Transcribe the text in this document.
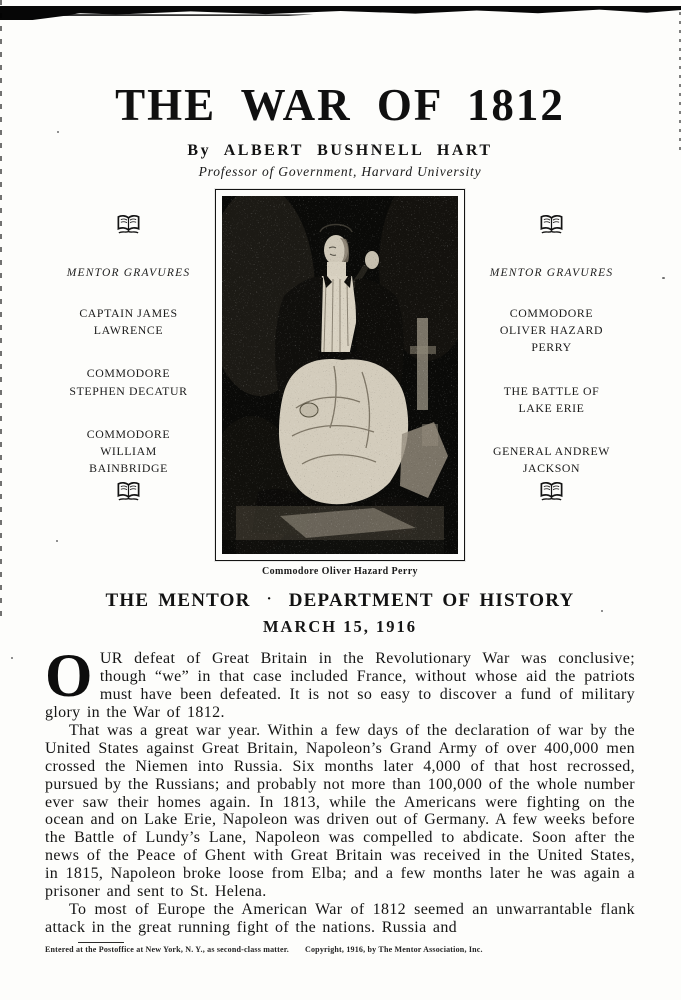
THE WAR OF 1812
By ALBERT BUSHNELL HART
Professor of Government, Harvard University
MENTOR GRAVURES
CAPTAIN JAMES LAWRENCE
COMMODORE STEPHEN DECATUR
COMMODORE WILLIAM BAINBRIDGE
Commodore Oliver Hazard Perry
MENTOR GRAVURES
COMMODORE OLIVER HAZARD PERRY
THE BATTLE OF LAKE ERIE
GENERAL ANDREW JACKSON
THE MENTOR · DEPARTMENT OF HISTORY
MARCH 15, 1916

OUR defeat of Great Britain in the Revolutionary War was conclusive; though “we” in that case included France, without whose aid the patriots must have been defeated. It is not so easy to discover a fund of military glory in the War of 1812.

That was a great war year. Within a few days of the declaration of war by the United States against Great Britain, Napoleon’s Grand Army of over 400,000 men crossed the Niemen into Russia. Six months later 4,000 of that host recrossed, pursued by the Russians; and probably not more than 100,000 of the whole number ever saw their homes again. In 1813, while the Americans were fighting on the ocean and on Lake Erie, Napoleon was driven out of Germany. A few weeks before the Battle of Lundy’s Lane, Napoleon was compelled to abdicate. Soon after the news of the Peace of Ghent with Great Britain was received in the United States, in 1815, Napoleon broke loose from Elba; and a few months later he was again a prisoner and sent to St. Helena.

To most of Europe the American War of 1812 seemed an unwarrantable flank attack in the great running fight of the nations. Russia and

Entered at the Postoffice at New York, N. Y., as second-class matter. Copyright, 1916, by The Mentor Association, Inc.
